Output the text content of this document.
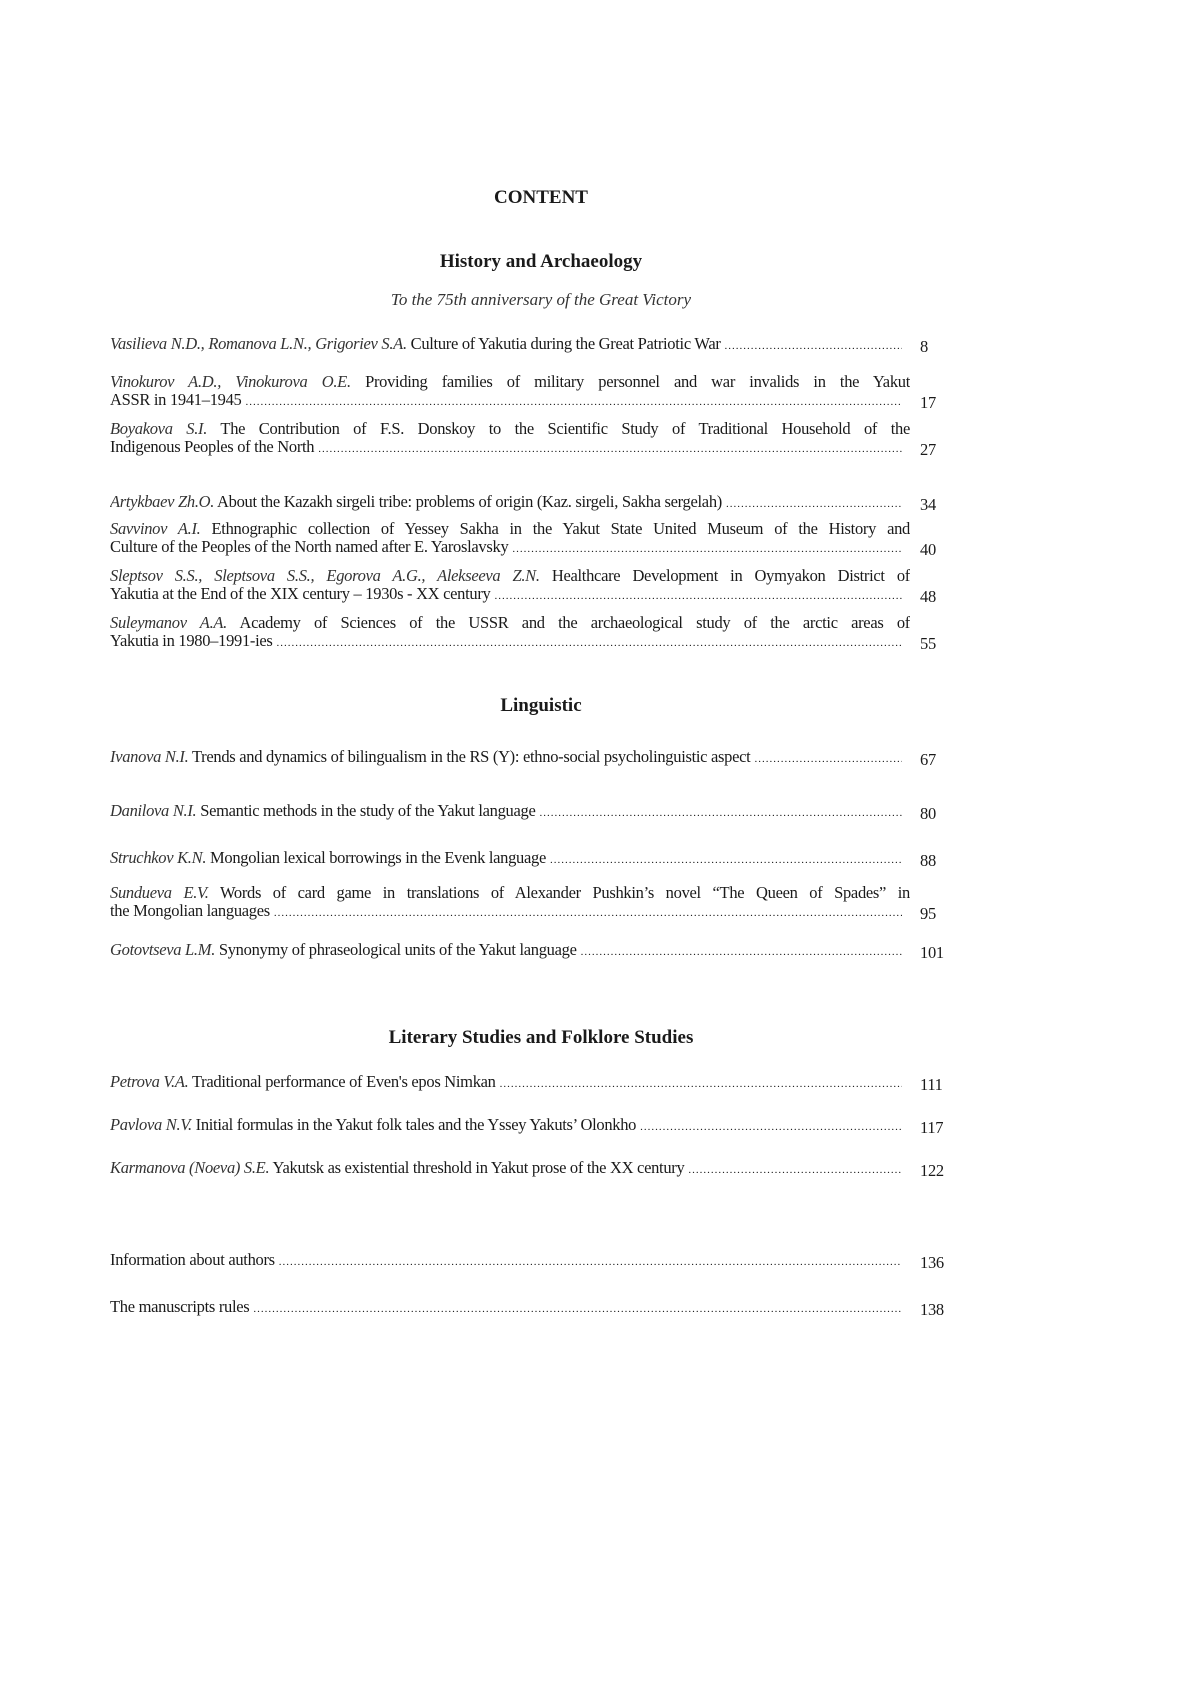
CONTENT
History and Archaeology
To the 75th anniversary of the Great Victory
Linguistic
Literary Studies and Folklore Studies
Vasilieva N.D., Romanova L.N., Grigoriev S.A. Culture of Yakutia during the Great Patriotic War .....	8
Vinokurov A.D., Vinokurova O.E. Providing families of military personnel and war invalids in the Yakut
ASSR in 1941–1945 .....	17
Boyakova S.I. The Contribution of F.S. Donskoy to the Scientific Study of Traditional Household of the
Indigenous Peoples of the North .....	27
Artykbaev Zh.O. About the Kazakh sirgeli tribe: problems of origin (Kaz. sirgeli, Sakha sergelah) .....	34
Savvinov A.I. Ethnographic collection of Yessey Sakha in the Yakut State United Museum of the History and
Culture of the Peoples of the North named after E. Yaroslavsky .....	40
Sleptsov S.S., Sleptsova S.S., Egorova A.G., Alekseeva Z.N. Healthcare Development in Oymyakon District of
Yakutia at the End of the XIX century – 1930s - XX century .....	48
Suleymanov A.A. Academy of Sciences of the USSR and the archaeological study of the arctic areas of
Yakutia in 1980–1991-ies .....	55
Ivanova N.I. Trends and dynamics of bilingualism in the RS (Y): ethno-social psycholinguistic aspect .....	67
Danilova N.I. Semantic methods in the study of the Yakut language .....	80
Struchkov K.N. Mongolian lexical borrowings in the Evenk language .....	88
Sundueva E.V. Words of card game in translations of Alexander Pushkin’s novel “The Queen of Spades” in
the Mongolian languages .....	95
Gotovtseva L.M. Synonymy of phraseological units of the Yakut language .....	101
Petrova V.A. Traditional performance of Even's epos Nimkan .....	111
Pavlova N.V. Initial formulas in the Yakut folk tales and the Yssey Yakuts’ Olonkho .....	117
Karmanova (Noeva) S.E. Yakutsk as existential threshold in Yakut prose of the XX century .....	122
Information about authors .....	136
The manuscripts rules .....	138
